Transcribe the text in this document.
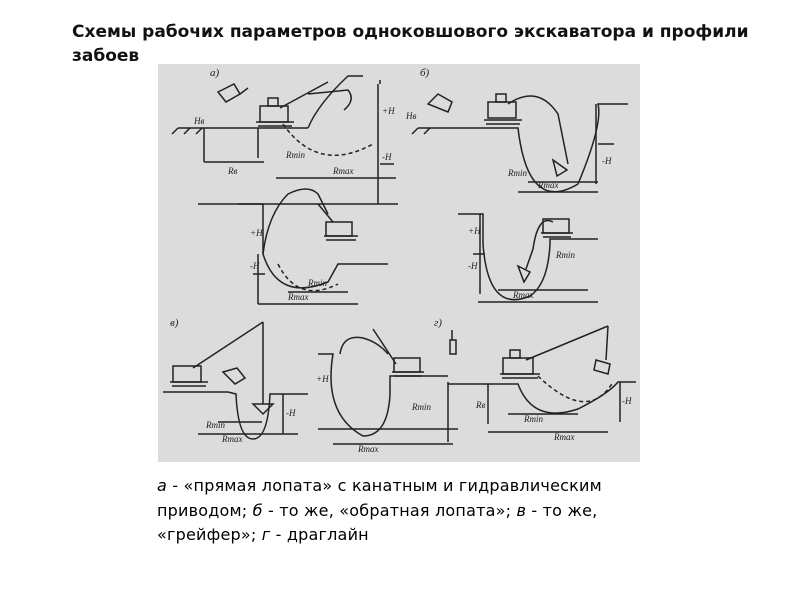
Схемы рабочих параметров одноковшового экскаватора и профили забоев
а)	б)
в)	г)
Hв
+H
-H
Rв
Rmin
Rmax
Hв
-H
Rmin
Rmax
+H
-H
Rmin
Rmax
+H
-H
Rmin
Rmax
-H
Rmin
Rmax
+H
Rmin
Rmax
Rв
Rmin
Rmax
-H
а - «прямая лопата» с канатным и гидравлическим приводом; б - то же, «обратная лопата»; в - то же, «грейфер»; г - драглайн
